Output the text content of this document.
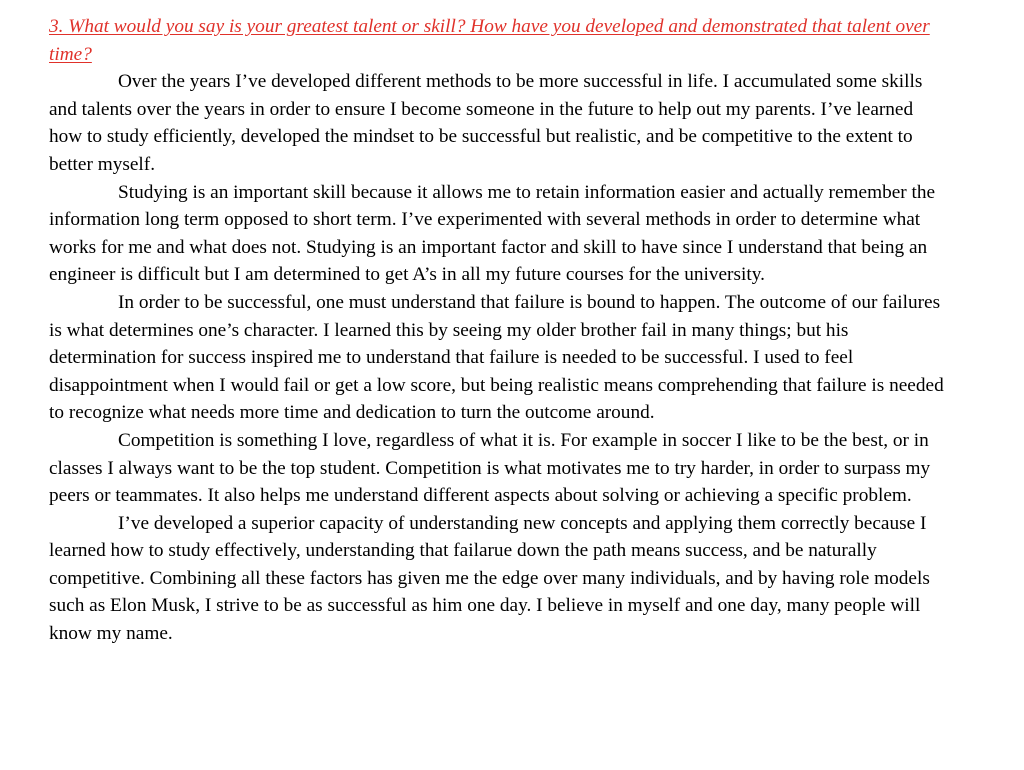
3. What would you say is your greatest talent or skill? How have you developed and demonstrated that talent over time?

Over the years I’ve developed different methods to be more successful in life. I accumulated some skills and talents over the years in order to ensure I become someone in the future to help out my parents. I’ve learned how to study efficiently, developed the mindset to be successful but realistic, and be competitive to the extent to better myself.

Studying is an important skill because it allows me to retain information easier and actually remember the information long term opposed to short term. I’ve experimented with several methods in order to determine what works for me and what does not. Studying is an important factor and skill to have since I understand that being an engineer is difficult but I am determined to get A’s in all my future courses for the university.

In order to be successful, one must understand that failure is bound to happen. The outcome of our failures is what determines one’s character. I learned this by seeing my older brother fail in many things; but his determination for success inspired me to understand that failure is needed to be successful. I used to feel disappointment when I would fail or get a low score, but being realistic means comprehending that failure is needed to recognize what needs more time and dedication to turn the outcome around.

Competition is something I love, regardless of what it is. For example in soccer I like to be the best, or in classes I always want to be the top student. Competition is what motivates me to try harder, in order to surpass my peers or teammates. It also helps me understand different aspects about solving or achieving a specific problem.

I’ve developed a superior capacity of understanding new concepts and applying them correctly because I learned how to study effectively, understanding that failarue down the path means success, and be naturally competitive. Combining all these factors has given me the edge over many individuals, and by having role models such as Elon Musk, I strive to be as successful as him one day. I believe in myself and one day, many people will know my name.
